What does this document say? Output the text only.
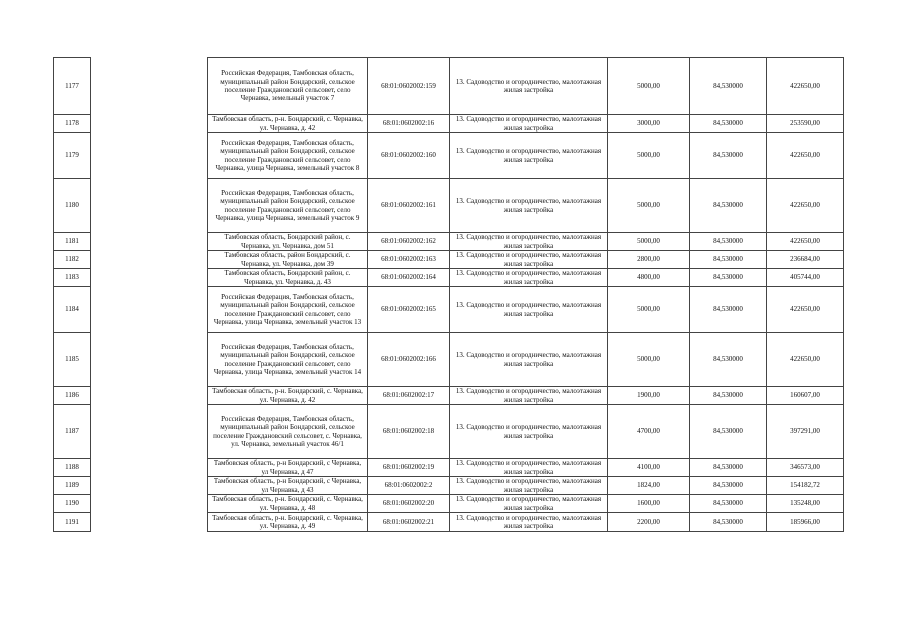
1177		Российская Федерация, Тамбовская область, муниципальный район Бондарский, сельское поселение Граждановский сельсовет, село Чернавка, земельный участок 7	68:01:0602002:159	13. Садоводство и огородничество, малоэтажная жилая застройка	5000,00	84,530000	422650,00
1178		Тамбовская область, р-н. Бондарский, с. Чернавка, ул. Чернавка, д. 42	68:01:0602002:16	13. Садоводство и огородничество, малоэтажная жилая застройка	3000,00	84,530000	253590,00
1179		Российская Федерация, Тамбовская область, муниципальный район Бондарский, сельское поселение Граждановский сельсовет, село Чернавка, улица Чернавка, земельный участок 8	68:01:0602002:160	13. Садоводство и огородничество, малоэтажная жилая застройка	5000,00	84,530000	422650,00
1180		Российская Федерация, Тамбовская область, муниципальный район Бондарский, сельское поселение Граждановский сельсовет, село Чернавка, улица Чернавка, земельный участок 9	68:01:0602002:161	13. Садоводство и огородничество, малоэтажная жилая застройка	5000,00	84,530000	422650,00
1181		Тамбовская область, Бондарский район, с. Чернавка, ул. Чернавка, дом 51	68:01:0602002:162	13. Садоводство и огородничество, малоэтажная жилая застройка	5000,00	84,530000	422650,00
1182		Тамбовская область, район Бондарский, с. Чернавка, ул. Чернавка, дом 39	68:01:0602002:163	13. Садоводство и огородничество, малоэтажная жилая застройка	2800,00	84,530000	236684,00
1183		Тамбовская область, Бондарский район, с. Чернавка, ул. Чернавка, д. 43	68:01:0602002:164	13. Садоводство и огородничество, малоэтажная жилая застройка	4800,00	84,530000	405744,00
1184		Российская Федерация, Тамбовская область, муниципальный район Бондарский, сельское поселение Граждановский сельсовет, село Чернавка, улица Чернавка, земельный участок 13	68:01:0602002:165	13. Садоводство и огородничество, малоэтажная жилая застройка	5000,00	84,530000	422650,00
1185		Российская Федерация, Тамбовская область, муниципальный район Бондарский, сельское поселение Граждановский сельсовет, село Чернавка, улица Чернавка, земельный участок 14	68:01:0602002:166	13. Садоводство и огородничество, малоэтажная жилая застройка	5000,00	84,530000	422650,00
1186		Тамбовская область, р-н. Бондарский, с. Чернавка, ул. Чернавка, д. 42	68:01:0602002:17	13. Садоводство и огородничество, малоэтажная жилая застройка	1900,00	84,530000	160607,00
1187		Российская Федерация, Тамбовская область, муниципальный район Бондарский, сельское поселение Граждановский сельсовет, с. Чернавка, ул. Чернавка, земельный участок 46/1	68:01:0602002:18	13. Садоводство и огородничество, малоэтажная жилая застройка	4700,00	84,530000	397291,00
1188		Тамбовская область, р-н Бондарский, с Чернавка, ул Чернавка, д 47	68:01:0602002:19	13. Садоводство и огородничество, малоэтажная жилая застройка	4100,00	84,530000	346573,00
1189		Тамбовская область, р-н Бондарский, с Чернавка, ул Чернавка, д 43	68:01:0602002:2	13. Садоводство и огородничество, малоэтажная жилая застройка	1824,00	84,530000	154182,72
1190		Тамбовская область, р-н. Бондарский, с. Чернавка, ул. Чернавка, д. 48	68:01:0602002:20	13. Садоводство и огородничество, малоэтажная жилая застройка	1600,00	84,530000	135248,00
1191		Тамбовская область, р-н. Бондарский, с. Чернавка, ул. Чернавка, д. 49	68:01:0602002:21	13. Садоводство и огородничество, малоэтажная жилая застройка	2200,00	84,530000	185966,00
